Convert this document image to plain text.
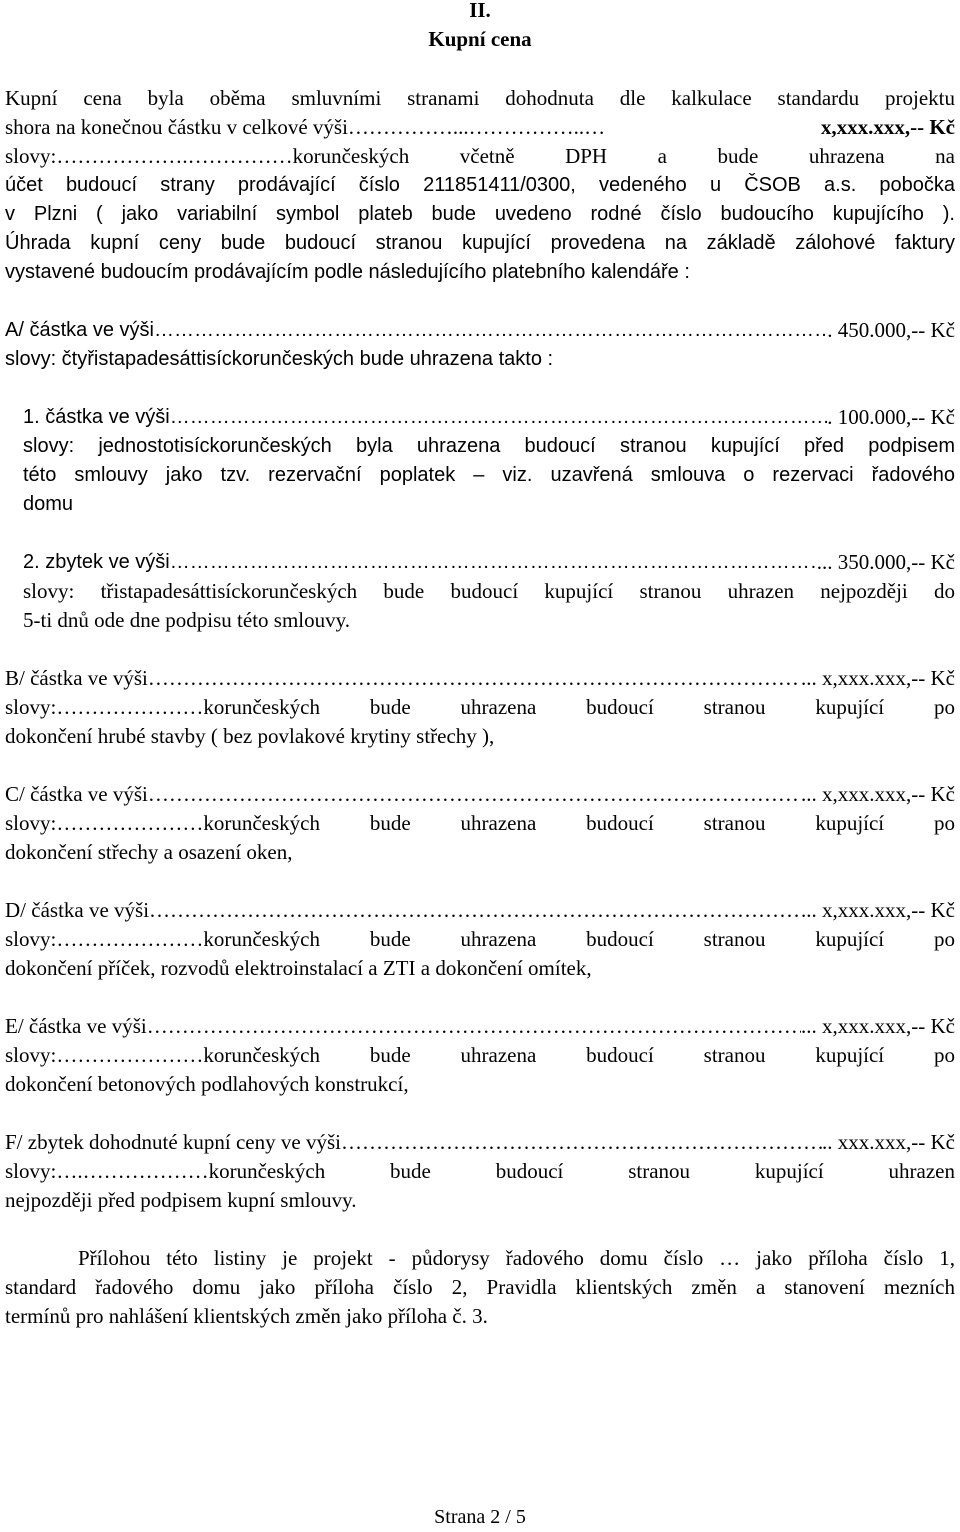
II.
Kupní cena
Kupní cena byla oběma smluvními stranami dohodnuta dle kalkulace standardu projektu
shora na konečnou částku v celkové výši ……………...……………..…	x,xxx.xxx,-- Kč
slovy: ……………….…………… korunčeských včetně DPH a bude uhrazena na
účet budoucí strany prodávající číslo 211851411/0300, vedeného u ČSOB a.s. pobočka
v Plzni ( jako variabilní symbol plateb bude uvedeno rodné číslo budoucího kupujícího ).
Úhrada kupní ceny bude budoucí stranou kupující provedena na základě zálohové faktury
vystavené budoucím prodávajícím podle následujícího platebního kalendáře :
A/ částka ve výši ……………………………………………………………………………………………………………………………………	. 450.000,-- Kč
slovy: čtyřistapadesáttisíckorunčeských bude uhrazena takto :
1. částka ve výši ……………………………………………………………………………………………………………………………………	. 100.000,-- Kč
slovy: jednostotisíckorunčeských byla uhrazena budoucí stranou kupující před podpisem
této smlouvy jako tzv. rezervační poplatek – viz. uzavřená smlouva o rezervaci řadového
domu
2. zbytek ve výši ……………………………………………………………………………………………………………………………………	... 350.000,-- Kč
slovy: třistapadesáttisíckorunčeských bude budoucí kupující stranou uhrazen nejpozději do
5-ti dnů ode dne podpisu této smlouvy.
B/ částka ve výši ……………………………………………………………………………………………………………………………………	... x,xxx.xxx,-- Kč
slovy: ………………… korunčeských bude uhrazena budoucí stranou kupující po
dokončení hrubé stavby ( bez povlakové krytiny střechy ),
C/ částka ve výši ……………………………………………………………………………………………………………………………………	... x,xxx.xxx,-- Kč
slovy: ………………… korunčeských bude uhrazena budoucí stranou kupující po
dokončení střechy a osazení oken,
D/ částka ve výši ……………………………………………………………………………………………………………………………………	... x,xxx.xxx,-- Kč
slovy: ………………… korunčeských bude uhrazena budoucí stranou kupující po
dokončení příček, rozvodů elektroinstalací a ZTI a dokončení omítek,
E/ částka ve výši ……………………………………………………………………………………………………………………………………	... x,xxx.xxx,-- Kč
slovy: ………………… korunčeských bude uhrazena budoucí stranou kupující po
dokončení betonových podlahových konstrukcí,
F/ zbytek dohodnuté kupní ceny ve výši ……………………………………………………………………………………………………………………………………	.. xxx.xxx,-- Kč
slovy: ….……………… korunčeských bude budoucí stranou kupující uhrazen
nejpozději před podpisem kupní smlouvy.
Přílohou této listiny je projekt - půdorysy řadového domu číslo … jako příloha číslo 1,
standard řadového domu jako příloha číslo 2, Pravidla klientských změn a stanovení mezních
termínů pro nahlášení klientských změn jako příloha č. 3.
Strana 2 / 5
